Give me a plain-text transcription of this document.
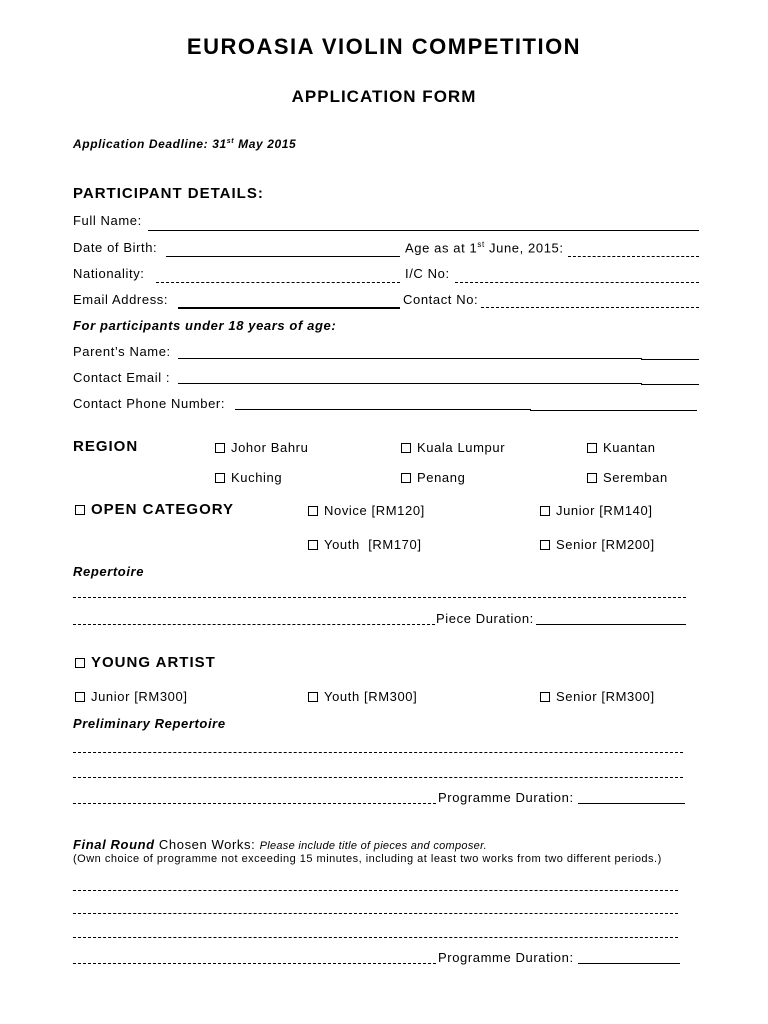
EUROASIA VIOLIN COMPETITION
APPLICATION FORM
Application Deadline: 31st May 2015
PARTICIPANT DETAILS:
Full Name:
Date of Birth:	Age as at 1st June, 2015:
Nationality:	I/C No:
Email Address:	Contact No:
For participants under 18 years of age:
Parent’s Name:
Contact Email :
Contact Phone Number:
REGION	Johor Bahru	Kuala Lumpur	Kuantan
Kuching	Penang	Seremban
OPEN CATEGORY	Novice [RM120]	Junior [RM140]
Youth  [RM170]	Senior [RM200]
Repertoire
Piece Duration:
YOUNG ARTIST
Junior [RM300]	Youth [RM300]	Senior [RM300]
Preliminary Repertoire
Programme Duration:
Final Round Chosen Works: Please include title of pieces and composer.
(Own choice of programme not exceeding 15 minutes, including at least two works from two different periods.)
Programme Duration:
